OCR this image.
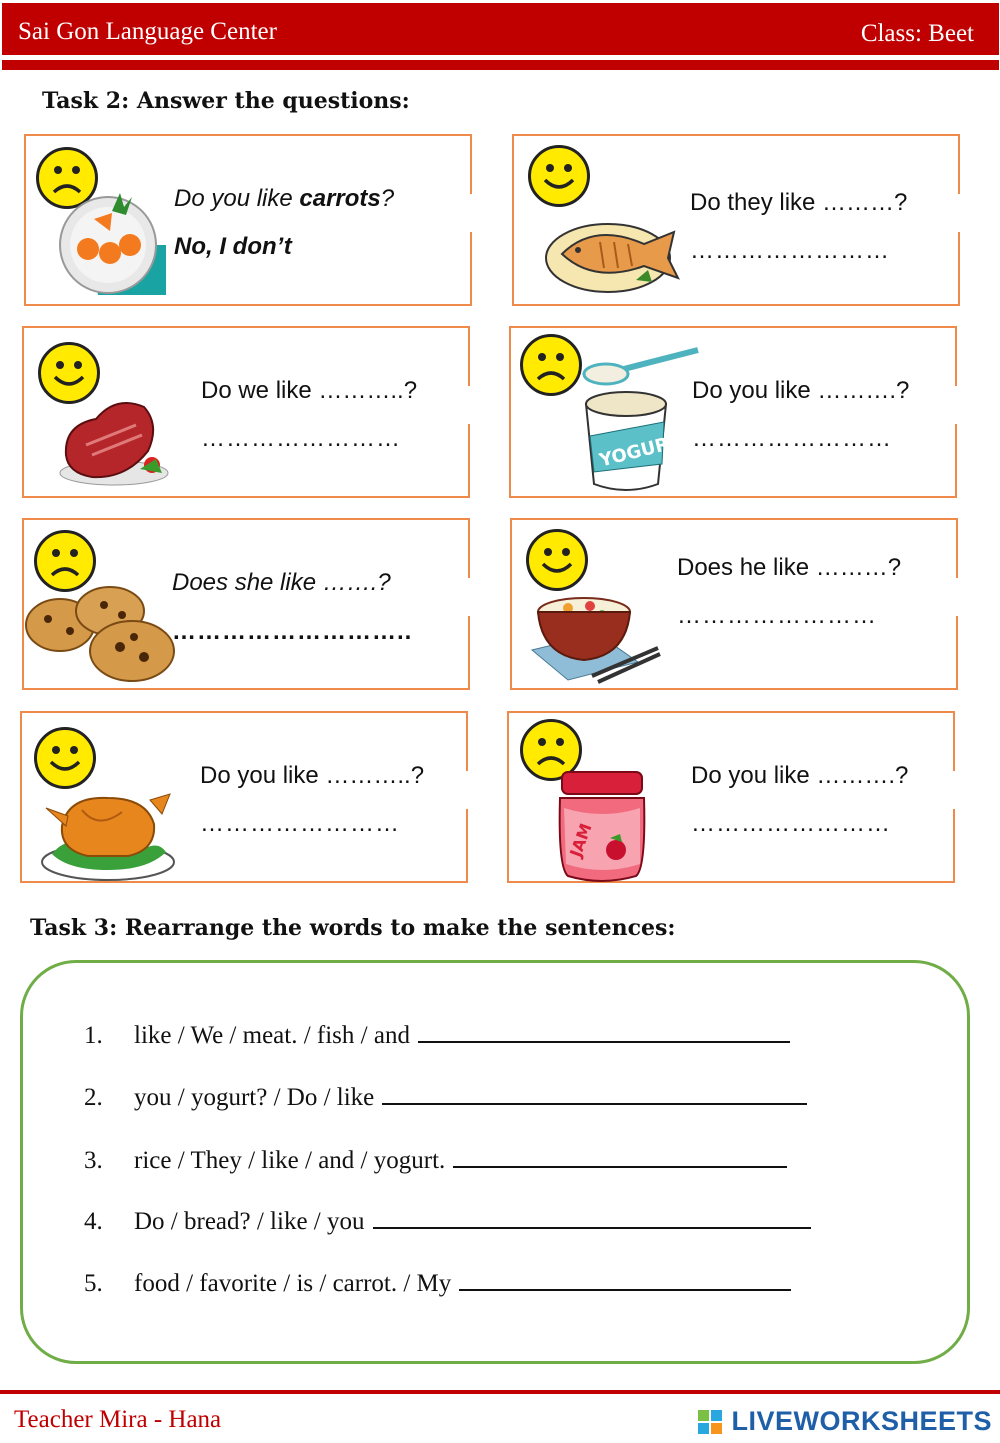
Sai Gon Language Center	Class: Beet
Task 2: Answer the questions:
Do you like carrots?
No, I don’t
Do they like ………?
……………………
Do we like ………..?
……………………	YOGURT
Do you like ……….?
……………………
Does she like …….?
………………………..
Does he like ………?
……………………
Do you like ………..?
……………………	JAM
Do you like ……….?
……………………
Task 3: Rearrange the words to make the sentences:
1. like / We / meat. / fish / and
2. you / yogurt? / Do / like
3. rice / They / like / and / yogurt.
4. Do / bread? / like / you
5. food / favorite / is / carrot. / My
Teacher Mira - Hana	LIVEWORKSHEETS
